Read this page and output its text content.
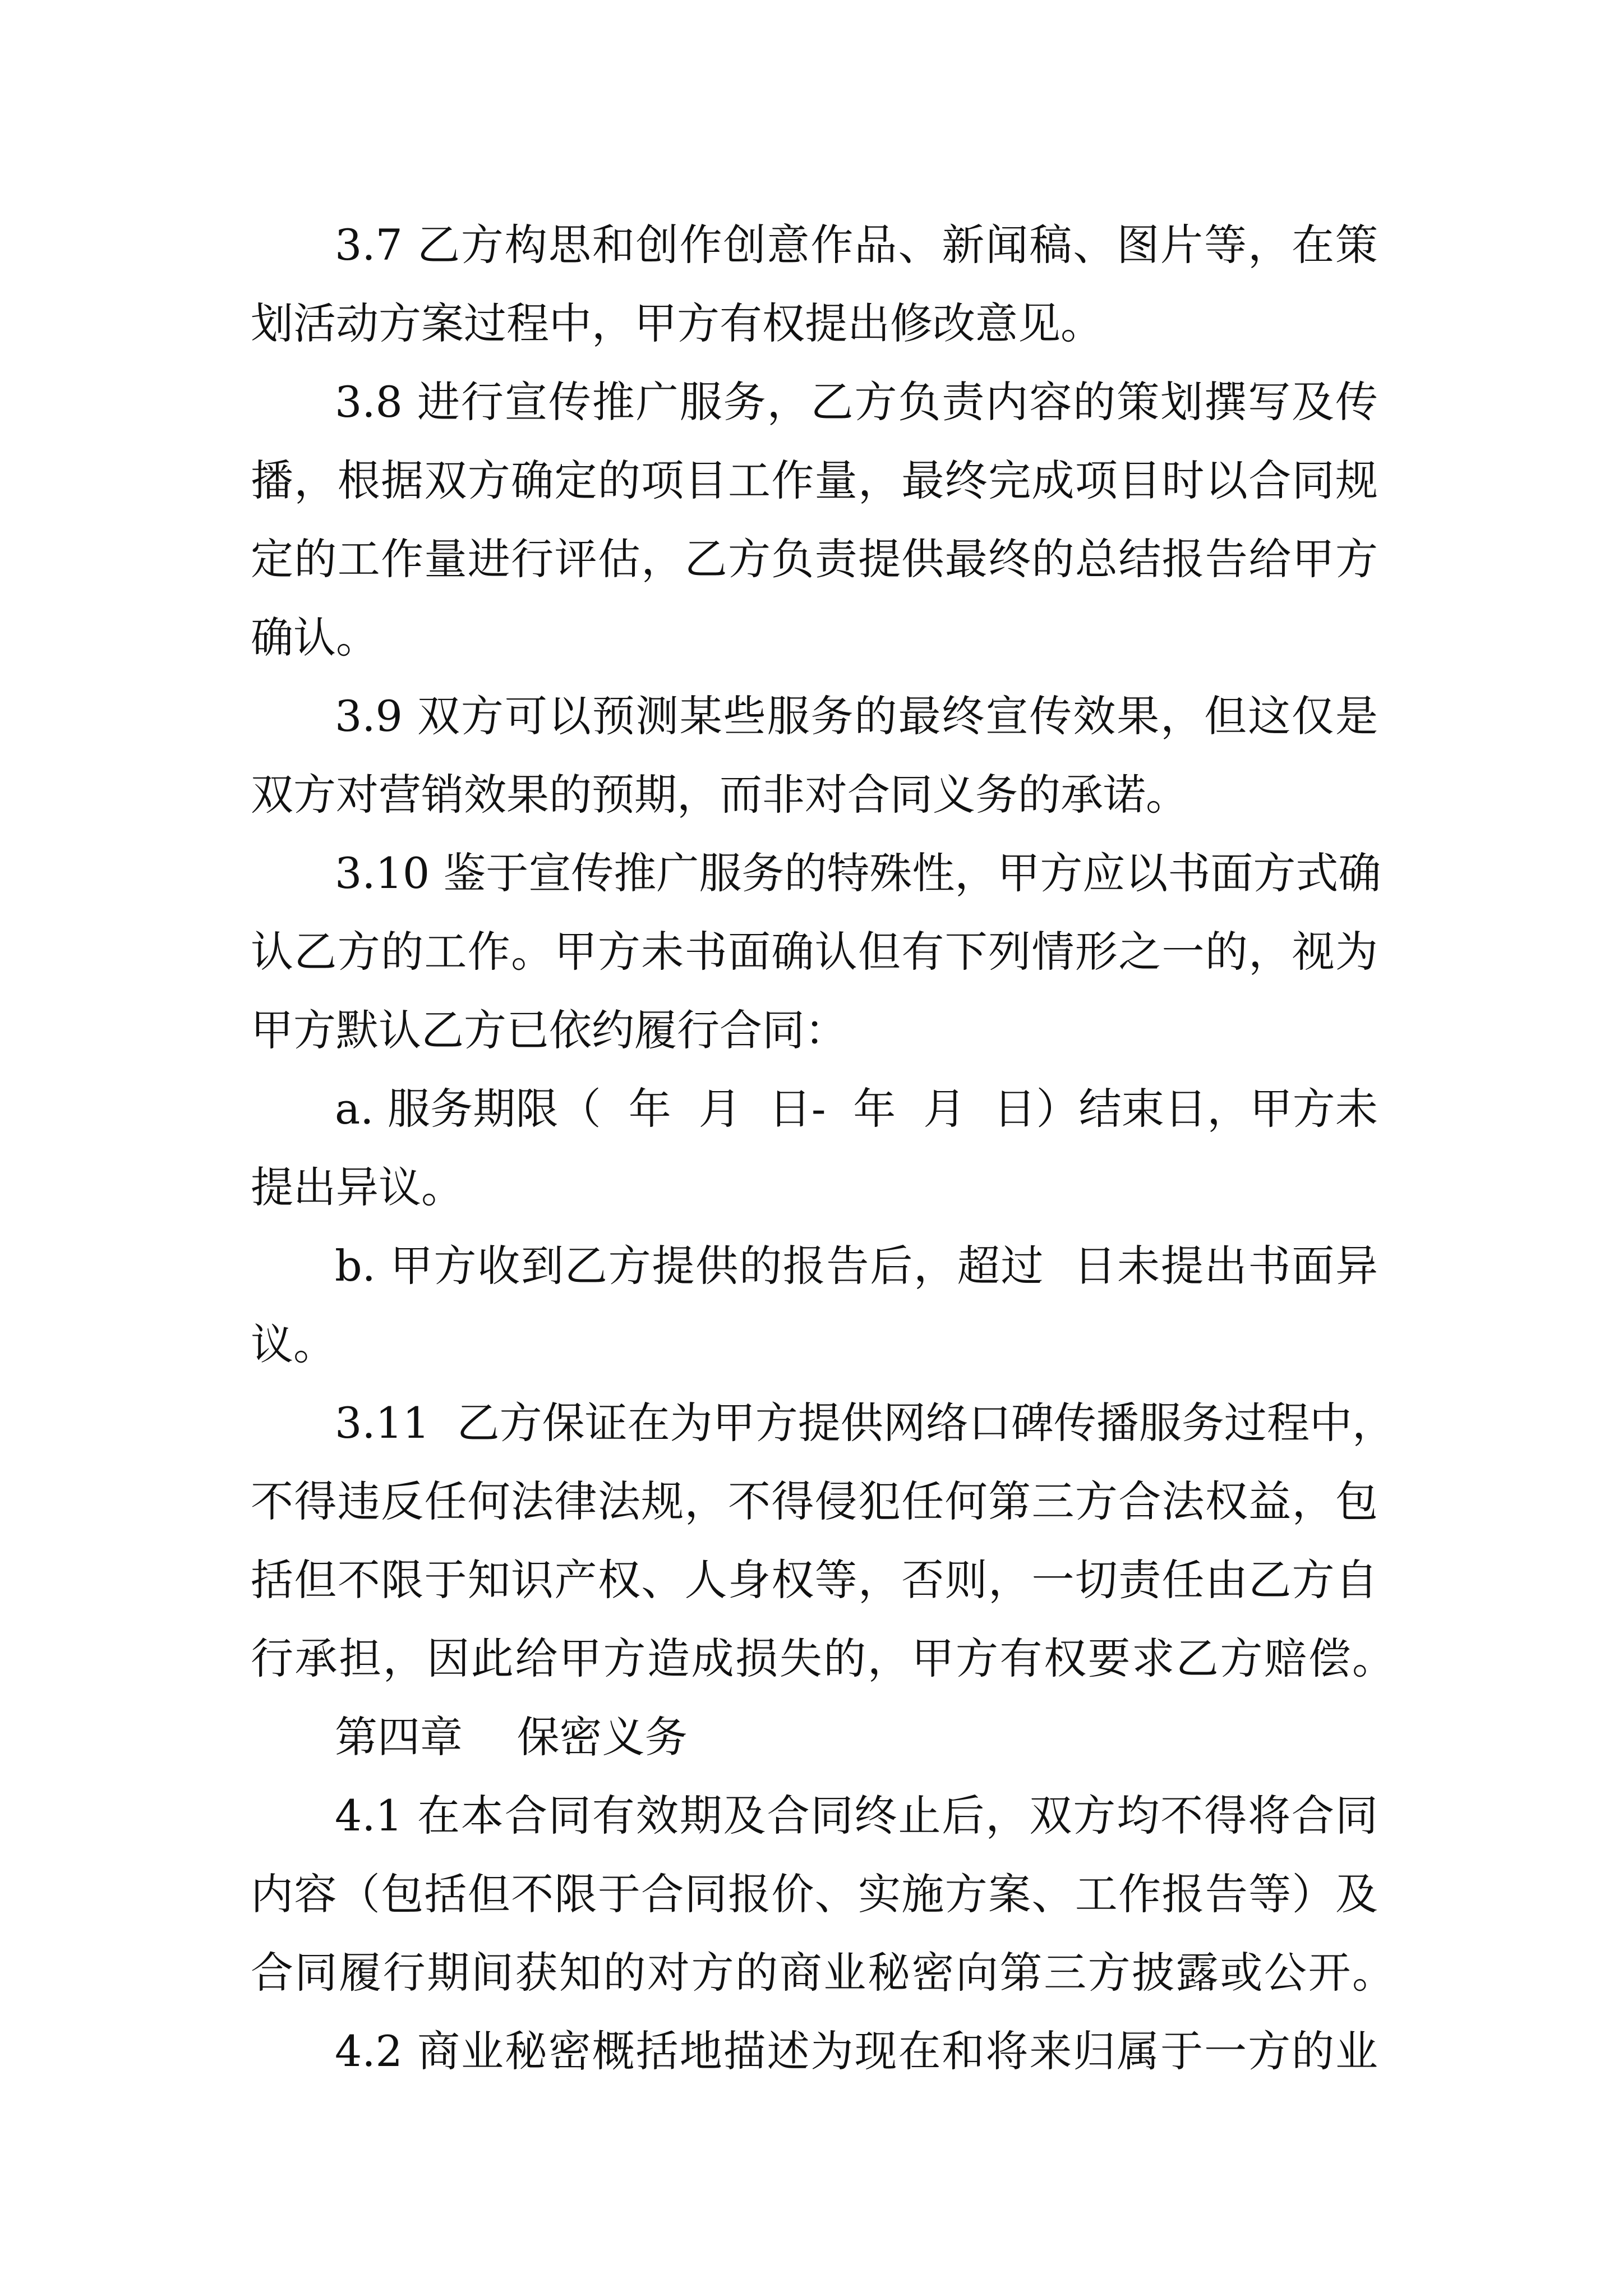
3.7 乙方构思和创作创意作品、新闻稿、图片等，在策

划活动方案过程中，甲方有权提出修改意见。

3.8 进行宣传推广服务，乙方负责内容的策划撰写及传

播，根据双方确定的项目工作量，最终完成项目时以合同规

定的工作量进行评估，乙方负责提供最终的总结报告给甲方

确认。

3.9 双方可以预测某些服务的最终宣传效果，但这仅是

双方对营销效果的预期，而非对合同义务的承诺。

3.10 鉴于宣传推广服务的特殊性，甲方应以书面方式确

认乙方的工作。甲方未书面确认但有下列情形之一的，视为

甲方默认乙方已依约履行合同：

a. 服务期限（  年  月  日-  年  月  日）结束日，甲方未

提出异议。

b. 甲方收到乙方提供的报告后，超过  日未提出书面异

议。

3.11  乙方保证在为甲方提供网络口碑传播服务过程中，

不得违反任何法律法规，不得侵犯任何第三方合法权益，包

括但不限于知识产权、人身权等，否则，一切责任由乙方自

行承担，因此给甲方造成损失的，甲方有权要求乙方赔偿。

第四章    保密义务

4.1 在本合同有效期及合同终止后，双方均不得将合同

内容（包括但不限于合同报价、实施方案、工作报告等）及

合同履行期间获知的对方的商业秘密向第三方披露或公开。

4.2 商业秘密概括地描述为现在和将来归属于一方的业
